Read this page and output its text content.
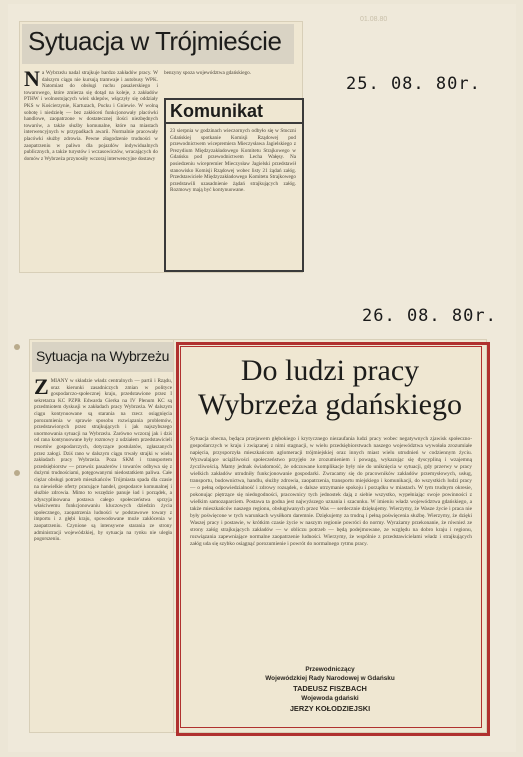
01.08.80
Sytuacja w Trójmieście
N a Wybrzeżu nadal strajkuje bardzo zakładów pracy. W dalszym ciągu nie kursują tramwaje i autobusy WPK. Natomiast do obsługi ruchu pasażerskiego i towarowego, które zmierza się dotąd na koleje, z zakładów PTHW i wolnostojących wież sklepów, włączyły się oddziały PKS w Kościerzynie, Kartuzach, Pucku i Gniewie. W wolną sobotę i niedzielę — bez zakłóceń funkcjonowały placówki handlowe, zaopatrzone w dostatecznej ilości niezbędnych towarów, a także służby komunalne, które na miastach interwencyjnych w przypadkach awarii. Normalnie pracowały placówki służby zdrowia. Pewne złagodzenie trudności w zaopatrzeniu w paliwo dla pojazdów indywidualnych publicznych, a także turystów i wczasowiczów, wracających do domów z Wybrzeża przynosiły wczoraj interwencyjne dostawy

benzyny spoza województwa gdańskiego.

Komunikat

23 sierpnia w godzinach wieczornych odbyło się w Stoczni Gdańskiej spotkanie Komisji Rządowej pod przewodnictwem wicepremiera Mieczysława Jagielskiego z Prezydium Międzyzakładowego Komitetu Strajkowego w Gdańsku pod przewodnictwem Lecha Wałęsy. Na posiedzeniu wicepremier Mieczysław Jagielski przedstawił stanowisko Komisji Rządowej wobec listy 21 żądań załóg. Przedstawiciele Międzyzakładowego Komitetu Strajkowego przedstawili uzasadnienie żądań strajkujących załóg. Rozmowy mają być kontynuowane.

25. 08. 80r.
26. 08. 80r.
Sytuacja na Wybrzeżu
Z MIANY w składzie władz centralnych — partii i Rządu, oraz kierunki zasadniczych zmian w polityce gospodarczo-społecznej kraju, przedstawione przez I sekretarza KC PZPR Edwarda Gierka na IV Plenum KC są przedmiotem dyskusji w zakładach pracy Wybrzeża. W dalszym ciągu kontynuowane są starania na rzecz osiągnięcia porozumienia w sprawie sposobu rozwiązania problemów, przedstawionych przez strajkujących i jak najszybszego unormowania sytuacji na Wybrzeżu. Zarówno wczoraj jak i dziś od rana kontynuowane były rozmowy z udziałem przedstawicieli resortów gospodarczych, dotyczące postulatów, zgłaszanych przez załogi. Dziś rano w dalszym ciągu trwały strajki w wielu zakładach pracy Wybrzeża. Poza SKM i transportem przedsiębiorstw — przewóz pasażerów i towarów odbywa się z dużymi trudnościami, potęgowanymi niedostatkiem paliwa. Całe ciężar obsługi potrzeb mieszkańców Trójmiasta spada dla czasie na niewielkie oferty pracujące handel, gospodarce komunalnej i służbie zdrowia. Mimo to wszędzie panuje ład i porządek, a zdyscyplinowana postawa całego społeczeństwa sprzyja właściwemu funkcjonowaniu kluczowych dziedzin życia społecznego, zaopatrzenia ludności w podstawowe towary z importu i z głębi kraju, spowodowane może zakłócenia w zaopatrzeniu. Czynione są intensywne starania ze strony administracji wojewódzkiej, by sytuacja na rynku nie uległa pogorszeniu.

Do ludzi pracy
Wybrzeża gdańskiego

Sytuacja obecna, będąca przejawem głębokiego i krytycznego niezaufania ludzi pracy wobec negatywnych zjawisk społeczno-gospodarczych w kraju i związanej z nimi stagnacji, w wielu przedsiębiorstwach naszego województwa wywołała zrozumiałe napięcia, przysporzyła mieszkańcom aglomeracji trójmiejskiej oraz innych miast wielu utrudnień w codziennym życiu. Wyzwalające uciążliwości społeczeństwo przyjęło ze zrozumieniem i powagą, wykazując się dyscypliną i wzajemną życzliwością. Mamy jednak świadomość, że odczuwane komplikacje były nie do uniknięcia w sytuacji, gdy przerwy w pracy wielkich zakładów utrudniły funkcjonowanie gospodarki. Zwracamy się do pracowników zakładów przemysłowych, usług, transportu, budownictwa, handlu, służby zdrowia, zaopatrzenia, transportu miejskiego i komunikacji, do wszystkich ludzi pracy — o pełną odpowiedzialność i zdrowy rozsądek, o dalsze utrzymanie spokoju i porządku w miastach. W tym trudnym okresie, pokonując piętrzące się niedogodności, pracownicy tych jednostek dają z siebie wszystko, wypełniając swoje powinności z wielkim samozaparciem. Postawa ta godna jest najwyższego uznania i szacunku. W imieniu władz województwa gdańskiego, a także mieszkańców naszego regionu, obsługiwanych przez Was — serdecznie dziękujemy. Wierzymy, że Wasze życie i praca nie były poświęcone w tych warunkach wysiłkom daremnie. Dziękujemy za trudną i pełną poświęcenia służbę. Wierzymy, że dzięki Waszej pracy i postawie, w krótkim czasie życie w naszym regionie powróci do normy. Wyrażamy przekonanie, że również ze strony załóg strajkujących zakładów — w obliczu potrzeb — będą podejmowane, ze względu na dobro kraju i regionu, rozwiązania zapewniające normalne zaopatrzenie ludności. Wierzymy, że wspólnie z przedstawicielami władz i strajkujących załóg uda się szybko osiągnąć porozumienie i powrót do normalnego rytmu pracy.

Przewodniczący
Wojewódzkiej Rady Narodowej w Gdańsku
TADEUSZ FISZBACH
Wojewoda gdański
JERZY KOŁODZIEJSKI
